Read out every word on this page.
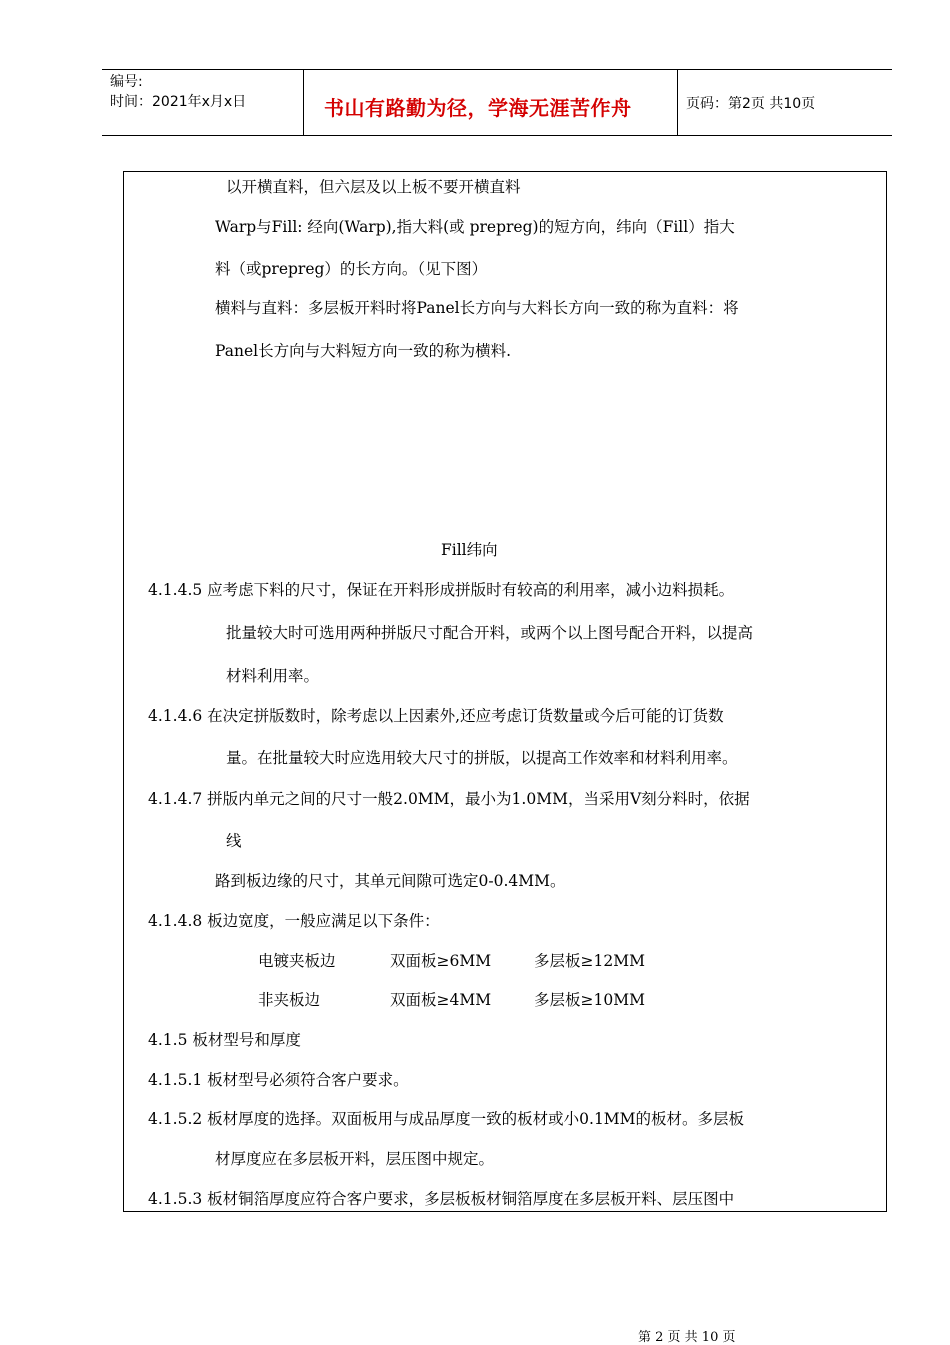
编号:
时间：2021年x月x日	书山有路勤为径，学海无涯苦作舟	页码：第2页 共10页
以开横直料，但六层及以上板不要开横直料
Warp与Fill: 经向(Warp),指大料(或 prepreg)的短方向，纬向（Fill）指大
料（或prepreg）的长方向。（见下图）
横料与直料：多层板开料时将Panel长方向与大料长方向一致的称为直料：将
Panel长方向与大料短方向一致的称为横料.
Fill纬向
4.1.4.5 应考虑下料的尺寸，保证在开料形成拼版时有较高的利用率，减小边料损耗。
批量较大时可选用两种拼版尺寸配合开料，或两个以上图号配合开料，以提高
材料利用率。
4.1.4.6 在决定拼版数时，除考虑以上因素外,还应考虑订货数量或今后可能的订货数
量。在批量较大时应选用较大尺寸的拼版，以提高工作效率和材料利用率。
4.1.4.7 拼版内单元之间的尺寸一般2.0MM，最小为1.0MM，当采用V刻分料时，依据
线
路到板边缘的尺寸，其单元间隙可选定0-0.4MM。
4.1.4.8 板边宽度，一般应满足以下条件：
电镀夹板边	双面板≥6MM	多层板≥12MM
非夹板边	双面板≥4MM	多层板≥10MM
4.1.5 板材型号和厚度
4.1.5.1 板材型号必须符合客户要求。
4.1.5.2 板材厚度的选择。双面板用与成品厚度一致的板材或小0.1MM的板材。多层板
材厚度应在多层板开料，层压图中规定。
4.1.5.3 板材铜箔厚度应符合客户要求，多层板板材铜箔厚度在多层板开料、层压图中
第 2 页 共 10 页
